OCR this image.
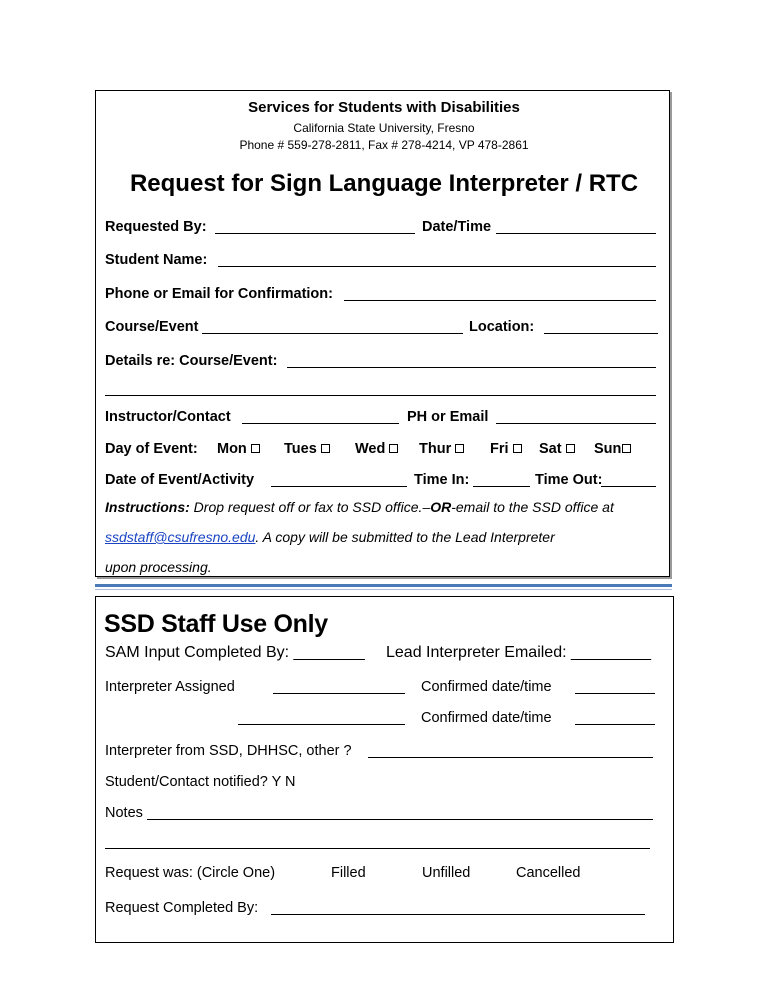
Services for Students with Disabilities
California State University, Fresno
Phone # 559-278-2811, Fax # 278-4214, VP 478-2861
Request for Sign Language Interpreter / RTC
Requested By:	Date/Time
Student Name:
Phone or Email for Confirmation:
Course/Event	Location:
Details re: Course/Event:
Instructor/Contact	PH or Email
Day of Event: Mon	Tues	Wed	Thur	Fri	Sat	Sun
Date of Event/Activity	Time In:	Time Out:
Instructions: Drop request off or fax to SSD office.–OR-email to the SSD office at
ssdstaff@csufresno.edu. A copy will be submitted to the Lead Interpreter
upon processing.
SSD Staff Use Only
SAM Input Completed By: ________ Lead Interpreter Emailed: _________
Interpreter Assigned	Confirmed date/time
Confirmed date/time
Interpreter from SSD, DHHSC, other ?
Student/Contact notified? Y N
Notes
Request was: (Circle One)	Filled	Unfilled	Cancelled
Request Completed By:
